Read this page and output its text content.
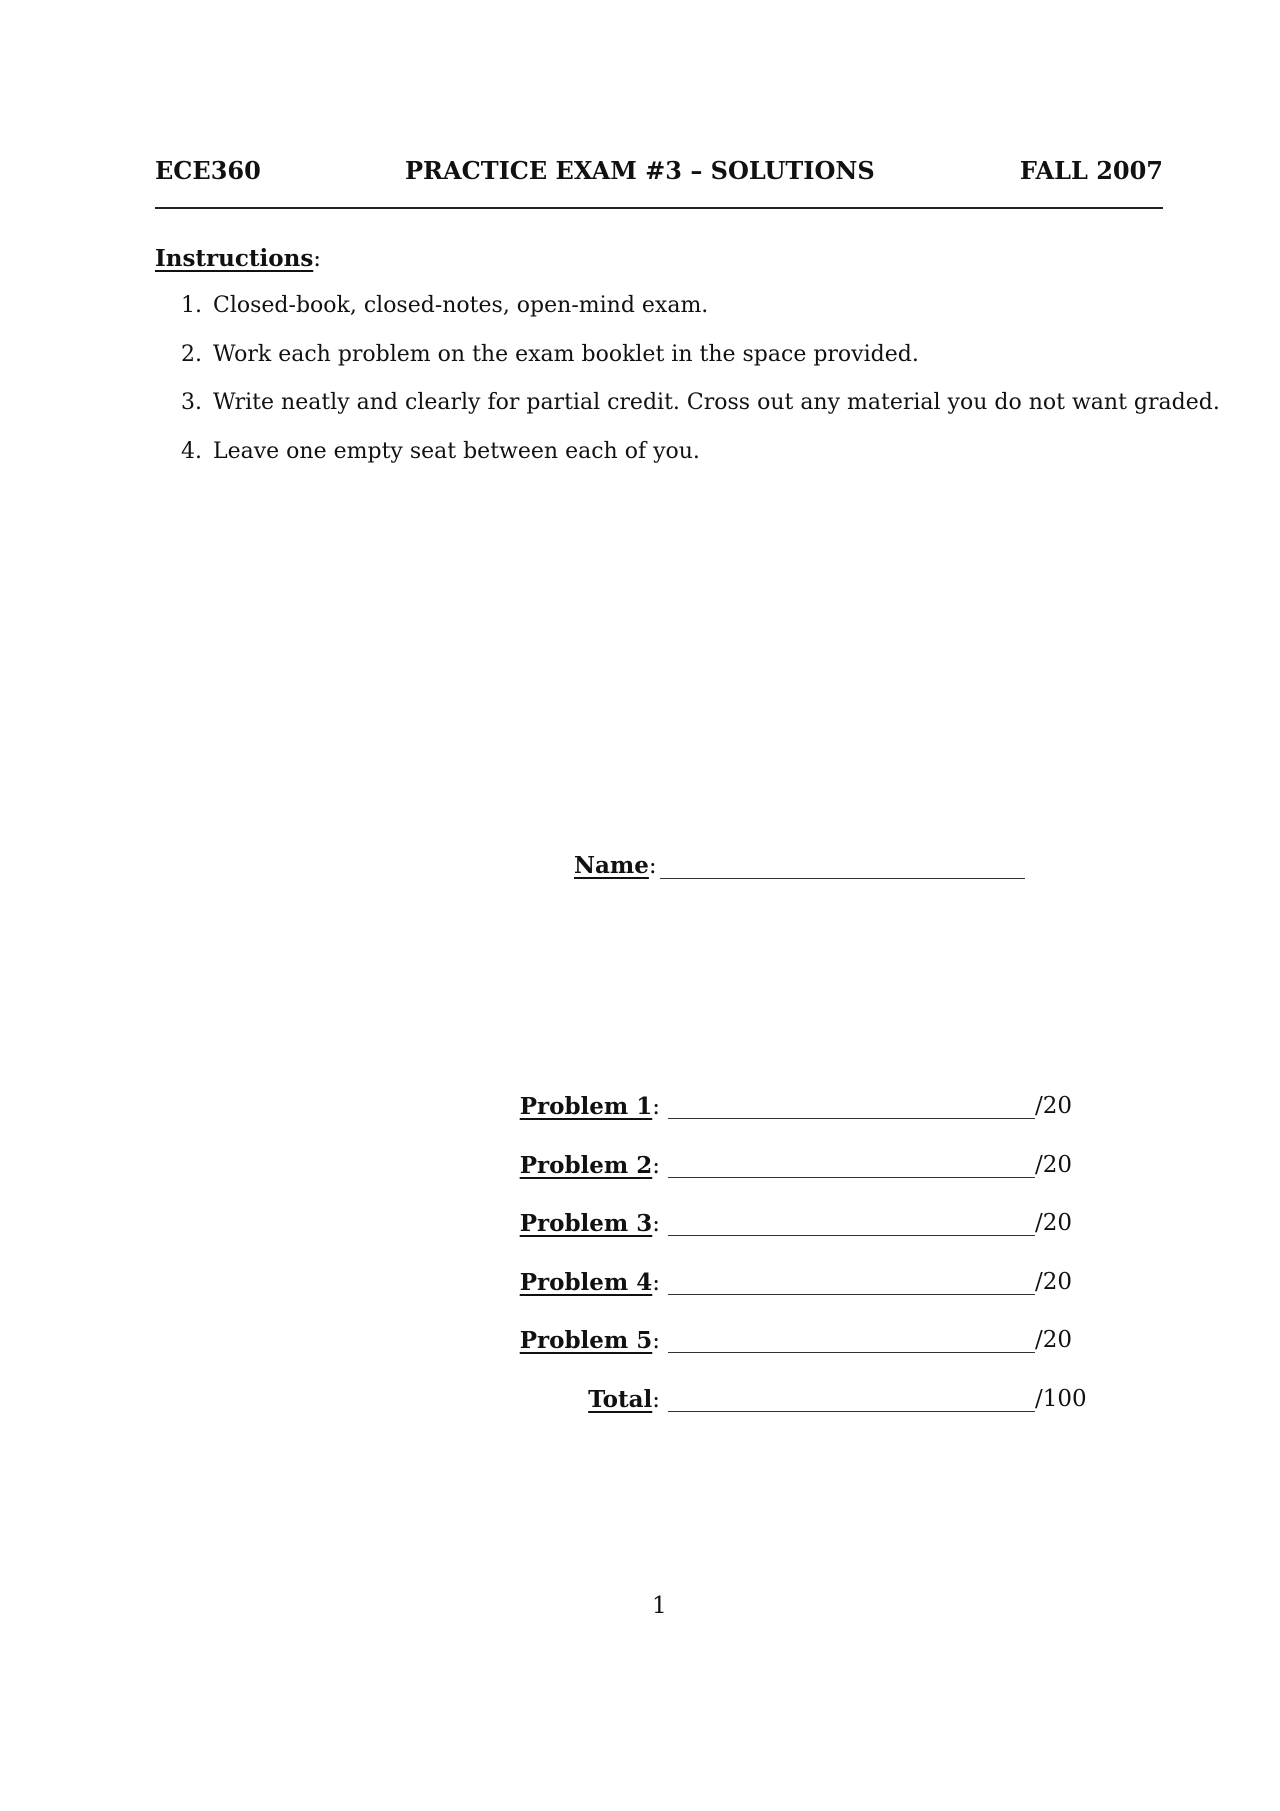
ECE360	PRACTICE EXAM #3 – SOLUTIONS	FALL 2007
Instructions:
1. Closed-book, closed-notes, open-mind exam.
2. Work each problem on the exam booklet in the space provided.
3. Write neatly and clearly for partial credit. Cross out any material you do not want graded.
4. Leave one empty seat between each of you.
Name:
Problem 1:	/20
Problem 2:	/20
Problem 3:	/20
Problem 4:	/20
Problem 5:	/20
Total:	/100
1
